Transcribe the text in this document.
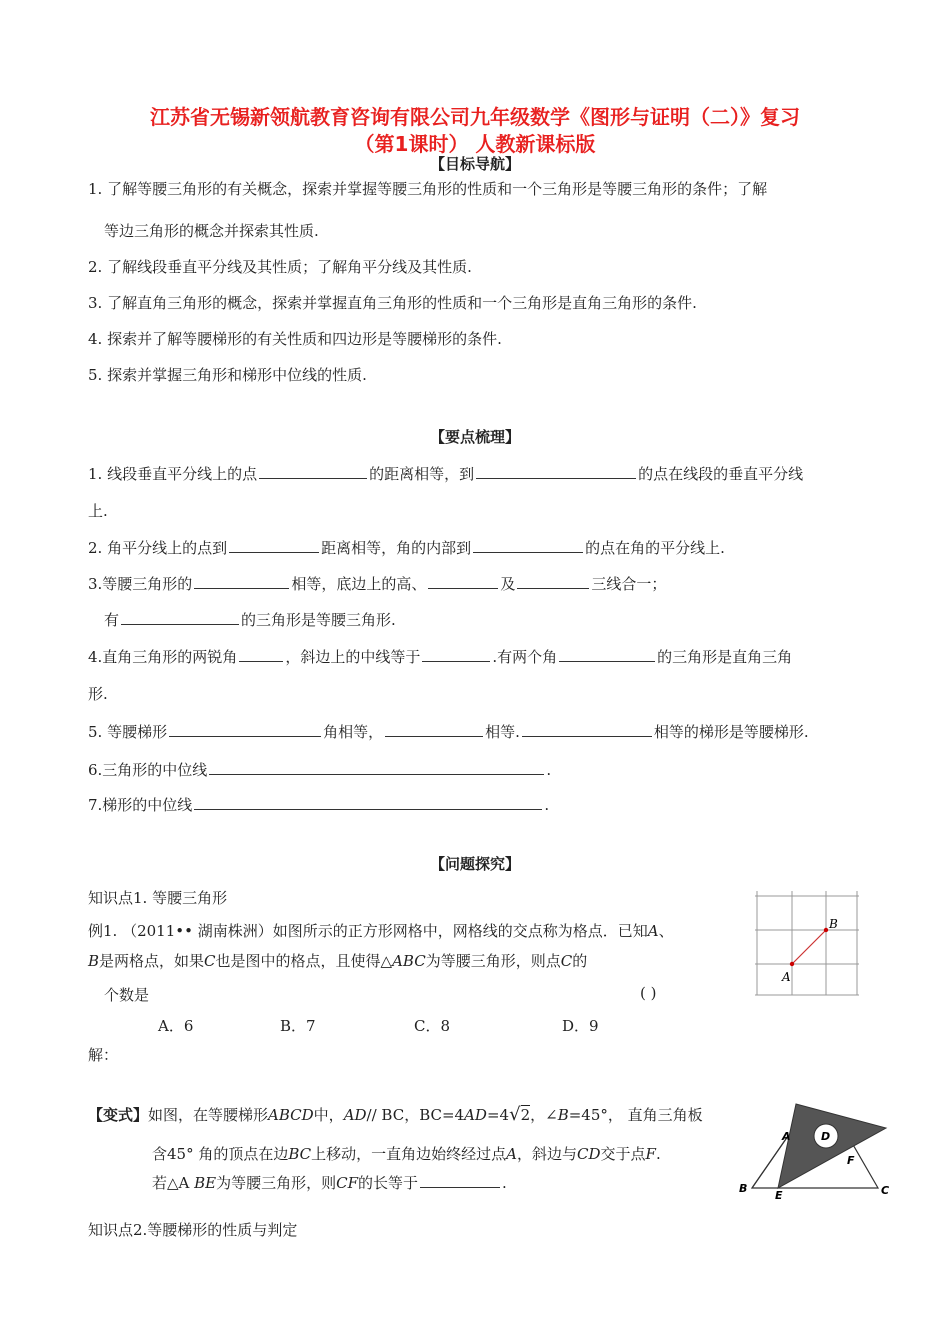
江苏省无锡新领航教育咨询有限公司九年级数学《图形与证明（二）》复习
（第1课时） 人教新课标版
【目标导航】
1. 了解等腰三角形的有关概念，探索并掌握等腰三角形的性质和一个三角形是等腰三角形的条件；了解
等边三角形的概念并探索其性质.
2. 了解线段垂直平分线及其性质；了解角平分线及其性质.
3. 了解直角三角形的概念，探索并掌握直角三角形的性质和一个三角形是直角三角形的条件.
4. 探索并了解等腰梯形的有关性质和四边形是等腰梯形的条件.
5. 探索并掌握三角形和梯形中位线的性质.
【要点梳理】
1. 线段垂直平分线上的点	的距离相等，到	的点在线段的垂直平分线
上.
2. 角平分线上的点到	距离相等，角的内部到	的点在角的平分线上.
3.等腰三角形的	相等，底边上的高、	及	三线合一；
有	的三角形是等腰三角形.
4.直角三角形的两锐角	，斜边上的中线等于	.有两个角	的三角形是直角三角
形.
5. 等腰梯形	角相等，	相等.	相等的梯形是等腰梯形.
6.三角形的中位线	.
7.梯形的中位线	.
【问题探究】
知识点1. 等腰三角形
例1. （2011•• 湖南株洲）如图所示的正方形网格中，网格线的交点称为格点．已知A、
B是两格点，如果C也是图中的格点，且使得△ABC为等腰三角形，则点C的
个数是	( )
A．6	B．7	C．8	D．9
解：
A
B
【变式】如图，在等腰梯形ABCD中，AD// BC，BC=4AD=4√2，∠B=45°， 直角三角板
含45° 角的顶点在边BC上移动，一直角边始终经过点A，斜边与CD交于点F.
若△A BE为等腰三角形，则CF的长等于	.	B	C
A	D
E
F
知识点2.等腰梯形的性质与判定
